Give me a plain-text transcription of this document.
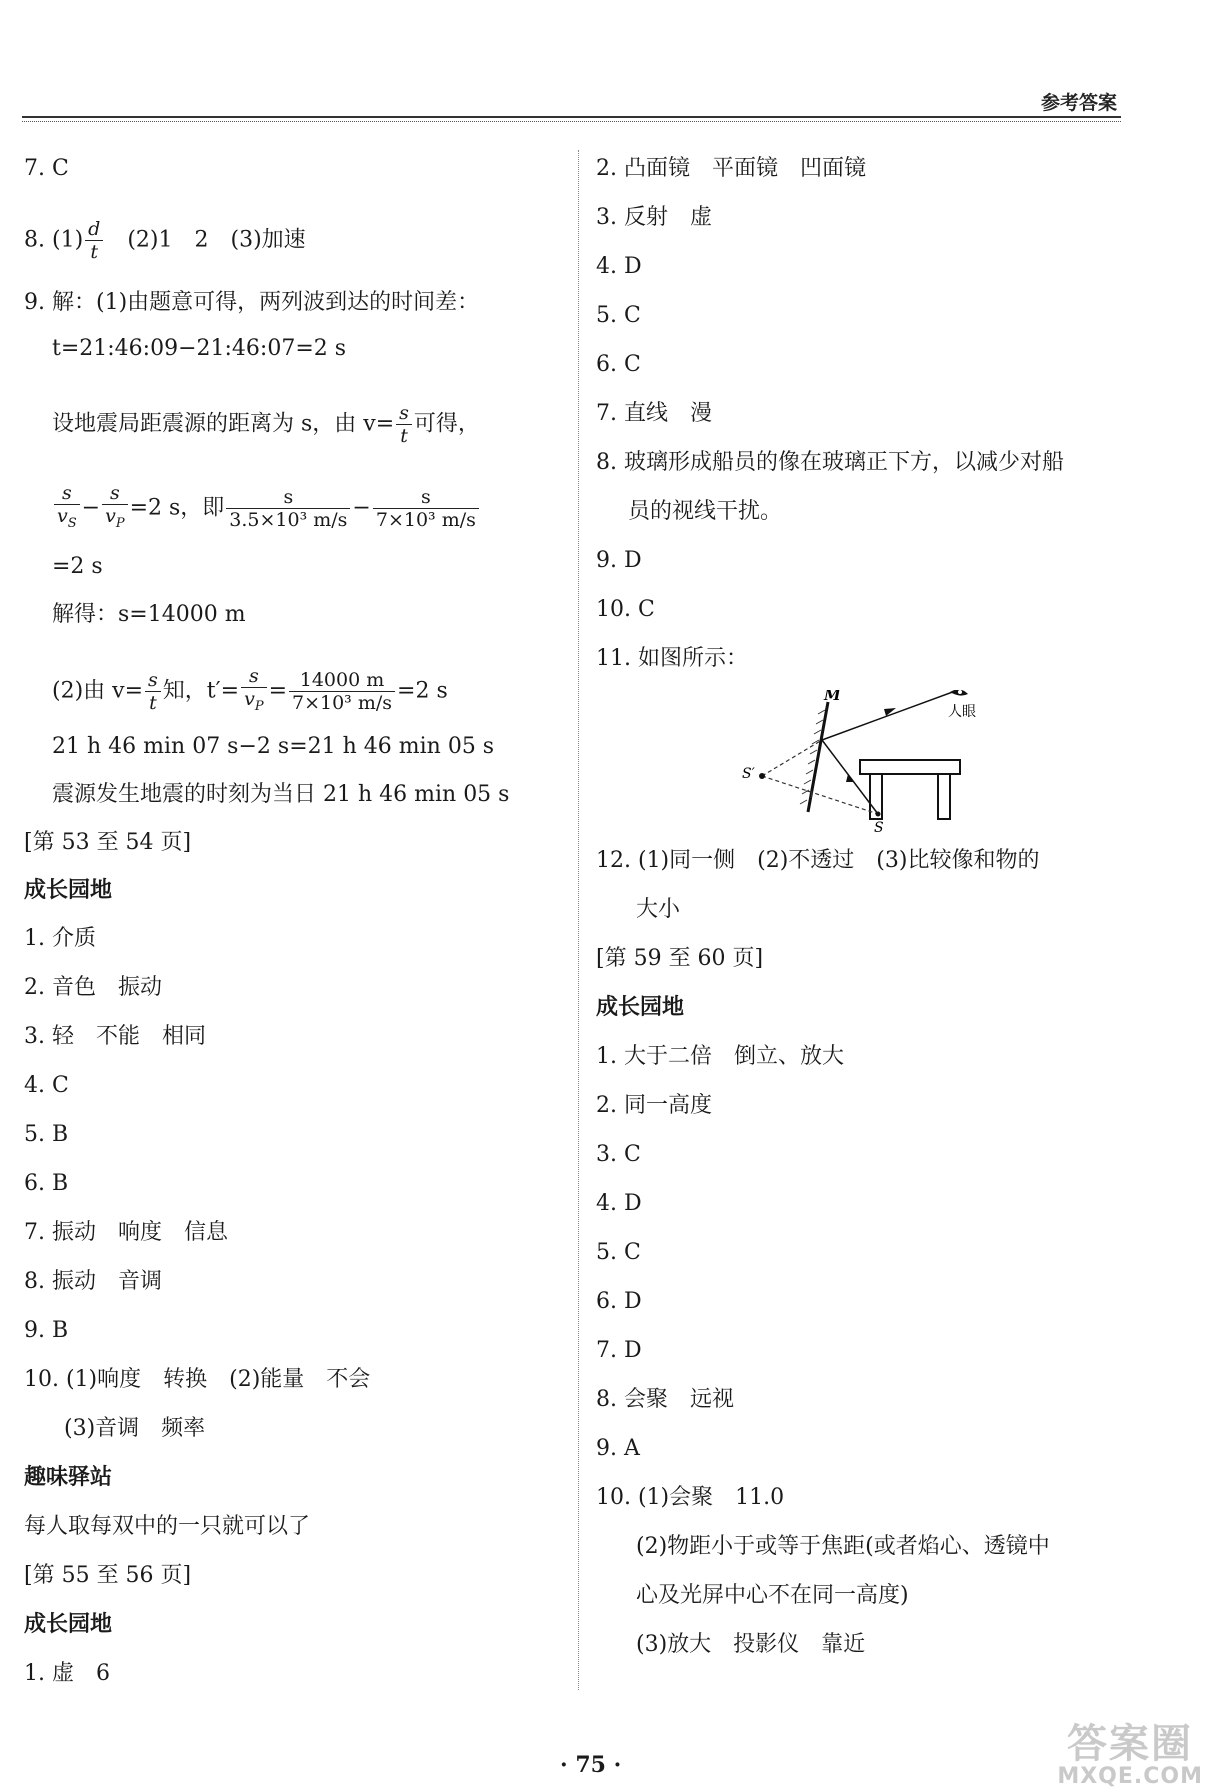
参考答案
7. C
8. $(1) \frac{d}{t}$
　 (2)1　2　(3)加速
9. 解：(1)由题意可得，两列波到达的时间差：
t=21:46:09−21:46:07=2 s
设地震局距震源的距离为 s，由 $v= \frac{s}{t}$ 可得，
$\frac{s}{v_S} - \frac{s}{v_P} =2$ s，即 $\frac{s}{\text{3.5×10³ m/s}} - \frac{s}{\text{7×10³ m/s}}$
=2 s
解得：s=14000 m
(2)由 $v= \frac{s}{t}$ 知，$t'= \frac{s}{v_P} = \frac{14000 m}{\text{7×10³ m/s}} =2$ s
21 h 46 min 07 s−2 s=21 h 46 min 05 s
震源发生地震的时刻为当日 21 h 46 min 05 s
[第 53 至 54 页]
成长园地
1. 介质
2. 音色　振动
3. 轻　不能　相同
4. C
5. B
6. B
7. 振动　响度　信息
8. 振动　音调
9. B
10. (1)响度　转换　(2)能量　不会
(3)音调　频率
趣味驿站
每人取每双中的一只就可以了
[第 55 至 56 页]
成长园地
1. 虚　6
2. 凸面镜　平面镜　凹面镜
3. 反射　虚
4. D
5. C
6. C
7. 直线　漫
8. 玻璃形成船员的像在玻璃正下方，以减少对船
员的视线干扰。
9. D
10. C
11. 如图所示：
M
人眼
S′
S
12. (1)同一侧　(2)不透过　(3)比较像和物的
大小
[第 59 至 60 页]
成长园地
1. 大于二倍　倒立、放大
2. 同一高度
3. C
4. D
5. C
6. D
7. D
8. 会聚　远视
9. A
10. (1)会聚　11.0
(2)物距小于或等于焦距(或者焰心、透镜中
心及光屏中心不在同一高度)
(3)放大　投影仪　靠近
· 75 ·	答案圈
MXQE.COM
